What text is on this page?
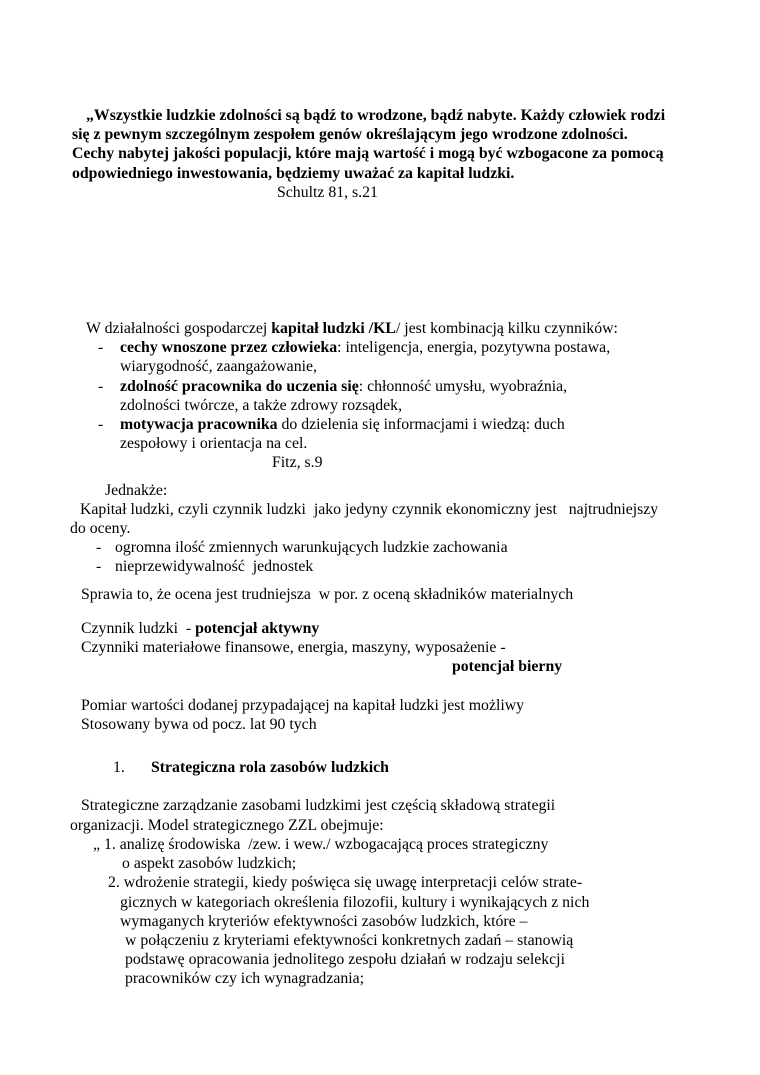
„Wszystkie ludzkie zdolności są bądź to wrodzone, bądź nabyte. Każdy człowiek rodzi
się z pewnym szczególnym zespołem genów określającym jego wrodzone zdolności.
Cechy nabytej jakości populacji, które mają wartość i mogą być wzbogacone za pomocą
odpowiedniego inwestowania, będziemy uważać za kapitał ludzki.
Schultz 81, s.21
W działalności gospodarczej kapitał ludzki /KL/ jest kombinacją kilku czynników:
- cechy wnoszone przez człowieka: inteligencja, energia, pozytywna postawa,
wiarygodność, zaangażowanie,
- zdolność pracownika do uczenia się: chłonność umysłu, wyobraźnia,
zdolności twórcze, a także zdrowy rozsądek,
- motywacja pracownika do dzielenia się informacjami i wiedzą: duch
zespołowy i orientacja na cel.
Fitz, s.9
Jednakże:
Kapitał ludzki, czyli czynnik ludzki  jako jedyny czynnik ekonomiczny jest   najtrudniejszy
do oceny.
- ogromna ilość zmiennych warunkujących ludzkie zachowania
- nieprzewidywalność  jednostek
Sprawia to, że ocena jest trudniejsza  w por. z oceną składników materialnych
Czynnik ludzki  - potencjał aktywny
Czynniki materiałowe finansowe, energia, maszyny, wyposażenie -
potencjał bierny

Pomiar wartości dodanej przypadającej na kapitał ludzki jest możliwy
Stosowany bywa od pocz. lat 90 tych
1. Strategiczna rola zasobów ludzkich

Strategiczne zarządzanie zasobami ludzkimi jest częścią składową strategii
organizacji. Model strategicznego ZZL obejmuje:
„ 1. analizę środowiska  /zew. i wew./ wzbogacającą proces strategiczny
o aspekt zasobów ludzkich;
2. wdrożenie strategii, kiedy poświęca się uwagę interpretacji celów strate-
gicznych w kategoriach określenia filozofii, kultury i wynikających z nich
wymaganych kryteriów efektywności zasobów ludzkich, które –
w połączeniu z kryteriami efektywności konkretnych zadań – stanowią
podstawę opracowania jednolitego zespołu działań w rodzaju selekcji
pracowników czy ich wynagradzania;
